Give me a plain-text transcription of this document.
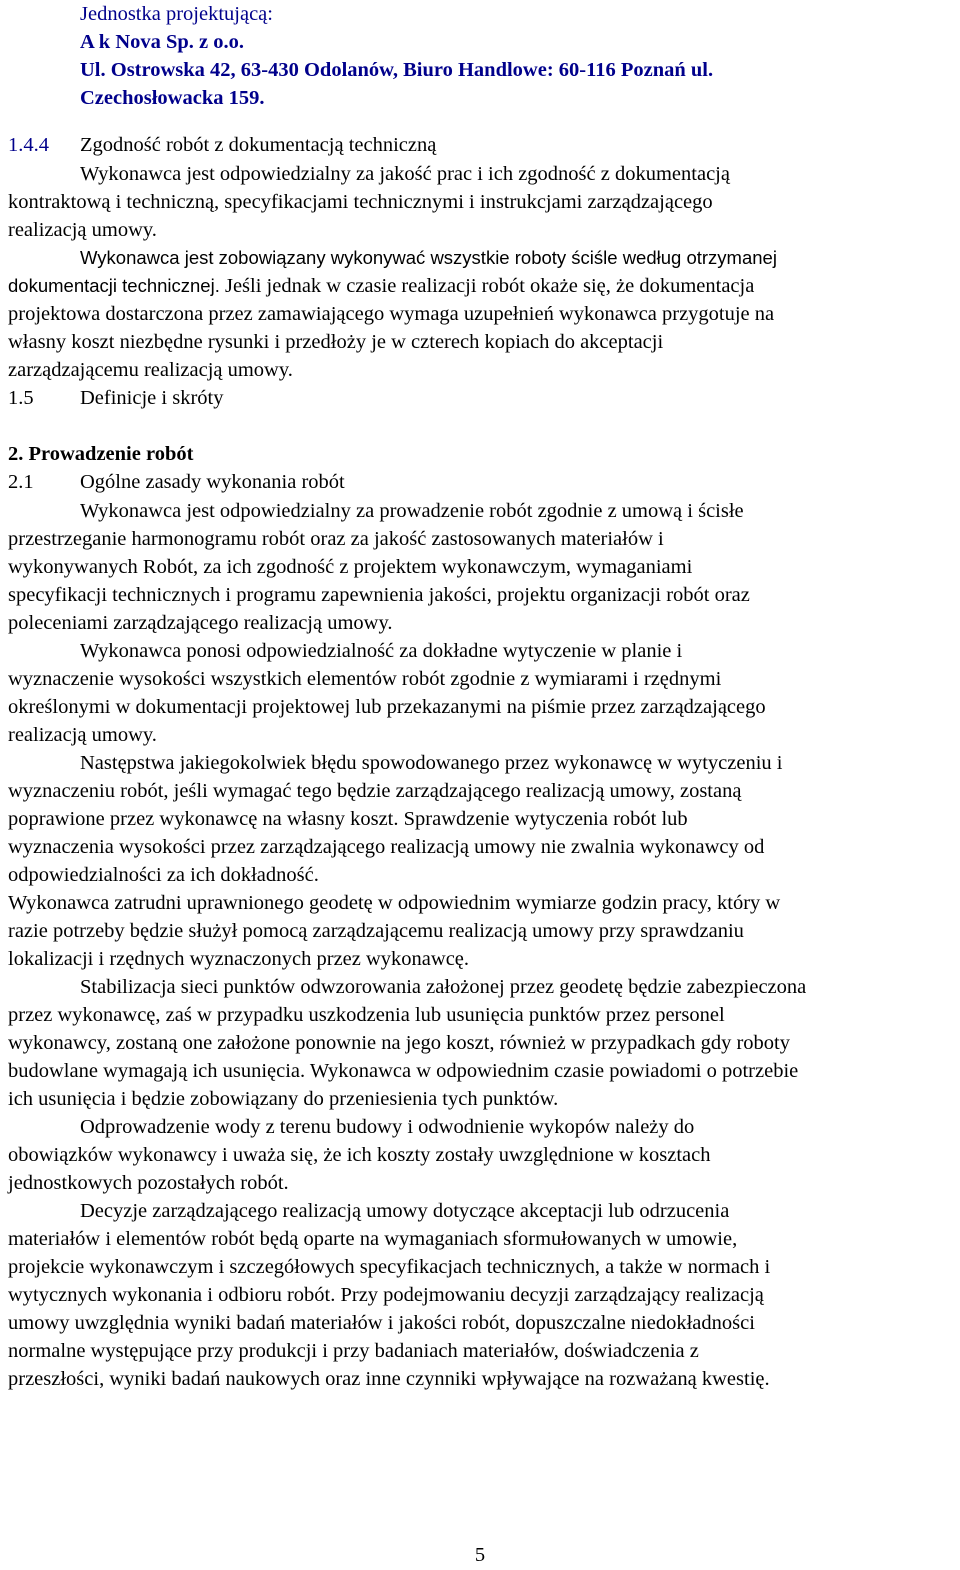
Jednostka projektującą:
A k Nova Sp. z o.o.
Ul. Ostrowska 42, 63-430 Odolanów, Biuro Handlowe: 60-116 Poznań ul.
Czechosłowacka 159.
1.4.4 Zgodność robót z dokumentacją techniczną
Wykonawca jest odpowiedzialny za jakość prac i ich zgodność z dokumentacją
kontraktową i techniczną, specyfikacjami technicznymi i instrukcjami zarządzającego
realizacją umowy.
Wykonawca jest zobowiązany wykonywać wszystkie roboty ściśle według otrzymanej
dokumentacji technicznej. Jeśli jednak w czasie realizacji robót okaże się, że dokumentacja
projektowa dostarczona przez zamawiającego wymaga uzupełnień wykonawca przygotuje na
własny koszt niezbędne rysunki i przedłoży je w czterech kopiach do akceptacji
zarządzającemu realizacją umowy.
1.5 Definicje i skróty
2. Prowadzenie robót
2.1 Ogólne zasady wykonania robót
Wykonawca jest odpowiedzialny za prowadzenie robót zgodnie z umową i ścisłe
przestrzeganie harmonogramu robót oraz za jakość zastosowanych materiałów i
wykonywanych Robót, za ich zgodność z projektem wykonawczym, wymaganiami
specyfikacji technicznych i programu zapewnienia jakości, projektu organizacji robót oraz
poleceniami zarządzającego realizacją umowy.
Wykonawca ponosi odpowiedzialność za dokładne wytyczenie w planie i
wyznaczenie wysokości wszystkich elementów robót zgodnie z wymiarami i rzędnymi
określonymi w dokumentacji projektowej lub przekazanymi na piśmie przez zarządzającego
realizacją umowy.
Następstwa jakiegokolwiek błędu spowodowanego przez wykonawcę w wytyczeniu i
wyznaczeniu robót, jeśli wymagać tego będzie zarządzającego realizacją umowy, zostaną
poprawione przez wykonawcę na własny koszt. Sprawdzenie wytyczenia robót lub
wyznaczenia wysokości przez zarządzającego realizacją umowy nie zwalnia wykonawcy od
odpowiedzialności za ich dokładność.
Wykonawca zatrudni uprawnionego geodetę w odpowiednim wymiarze godzin pracy, który w
razie potrzeby będzie służył pomocą zarządzającemu realizacją umowy przy sprawdzaniu
lokalizacji i rzędnych wyznaczonych przez wykonawcę.
Stabilizacja sieci punktów odwzorowania założonej przez geodetę będzie zabezpieczona
przez wykonawcę, zaś w przypadku uszkodzenia lub usunięcia punktów przez personel
wykonawcy, zostaną one założone ponownie na jego koszt, również w przypadkach gdy roboty
budowlane wymagają ich usunięcia. Wykonawca w odpowiednim czasie powiadomi o potrzebie
ich usunięcia i będzie zobowiązany do przeniesienia tych punktów.
Odprowadzenie wody z terenu budowy i odwodnienie wykopów należy do
obowiązków wykonawcy i uważa się, że ich koszty zostały uwzględnione w kosztach
jednostkowych pozostałych robót.
Decyzje zarządzającego realizacją umowy dotyczące akceptacji lub odrzucenia
materiałów i elementów robót będą oparte na wymaganiach sformułowanych w umowie,
projekcie wykonawczym i szczegółowych specyfikacjach technicznych, a także w normach i
wytycznych wykonania i odbioru robót. Przy podejmowaniu decyzji zarządzający realizacją
umowy uwzględnia wyniki badań materiałów i jakości robót, dopuszczalne niedokładności
normalne występujące przy produkcji i przy badaniach materiałów, doświadczenia z
przeszłości, wyniki badań naukowych oraz inne czynniki wpływające na rozważaną kwestię.
5
